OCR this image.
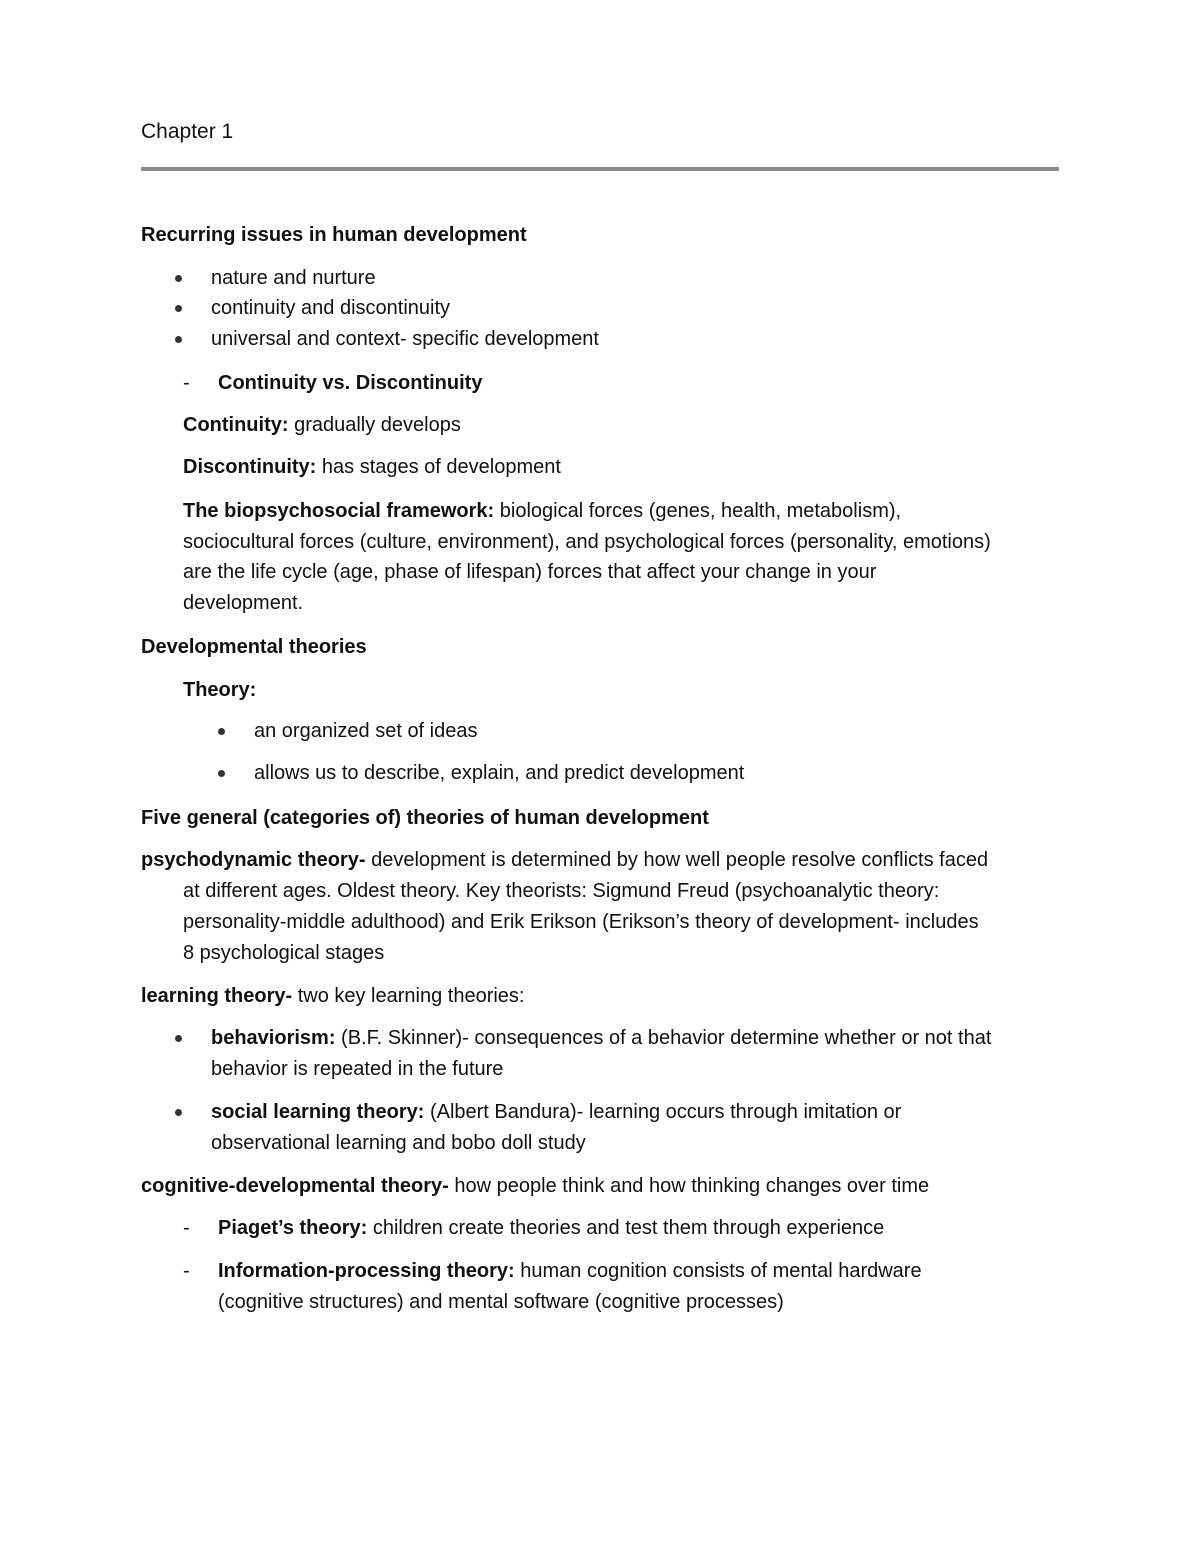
Chapter 1
Recurring issues in human development
nature and nurture
continuity and discontinuity
universal and context- specific development
- Continuity vs. Discontinuity
Continuity: gradually develops
Discontinuity: has stages of development
The biopsychosocial framework: biological forces (genes, health, metabolism),
sociocultural forces (culture, environment), and psychological forces (personality, emotions)
are the life cycle (age, phase of lifespan) forces that affect your change in your
development.
Developmental theories
Theory:
an organized set of ideas
allows us to describe, explain, and predict development
Five general (categories of) theories of human development
psychodynamic theory- development is determined by how well people resolve conflicts faced
at different ages. Oldest theory. Key theorists: Sigmund Freud (psychoanalytic theory:
personality-middle adulthood) and Erik Erikson (Erikson’s theory of development- includes
8 psychological stages
learning theory- two key learning theories:
behaviorism: (B.F. Skinner)- consequences of a behavior determine whether or not that
behavior is repeated in the future
social learning theory: (Albert Bandura)- learning occurs through imitation or
observational learning and bobo doll study
cognitive-developmental theory- how people think and how thinking changes over time
- Piaget’s theory: children create theories and test them through experience
- Information-processing theory: human cognition consists of mental hardware
(cognitive structures) and mental software (cognitive processes)
